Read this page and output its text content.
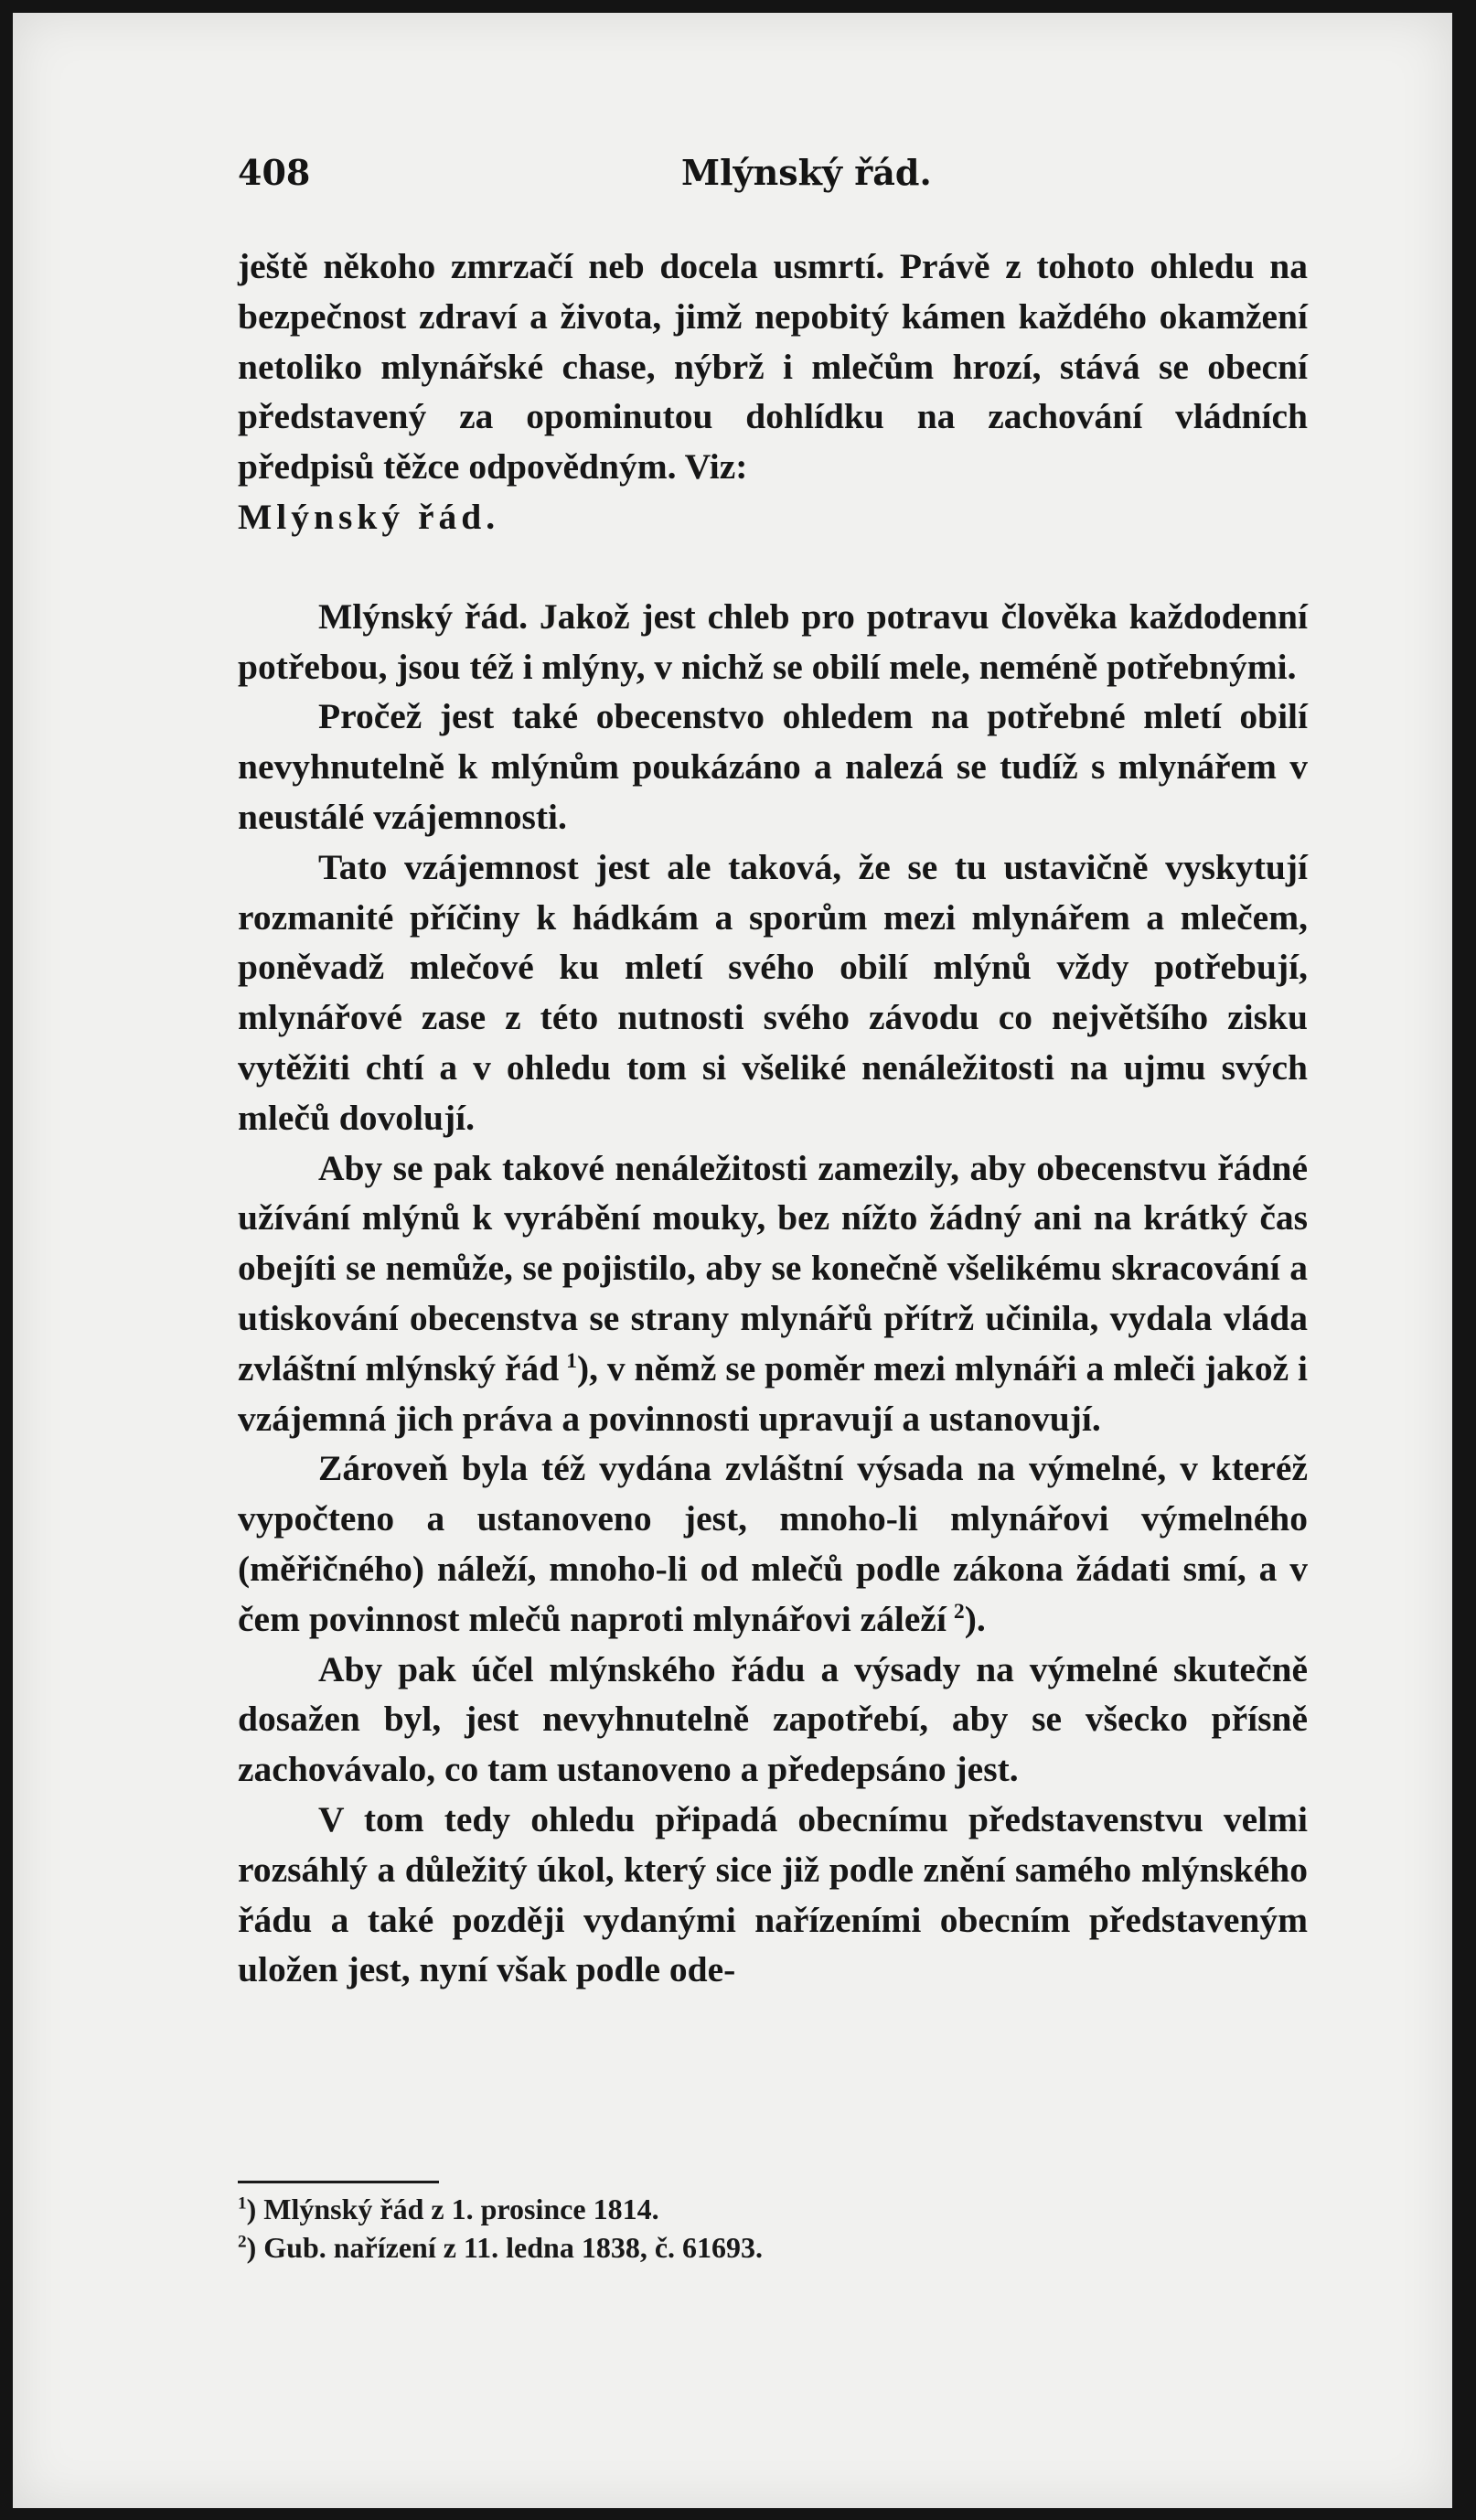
408	Mlýnský řád.

ještě někoho zmrzačí neb docela usmrtí. Právě z tohoto ohledu na bezpečnost zdraví a života, jimž nepobitý kámen každého okamžení netoliko mlynářské chase, nýbrž i mlečům hrozí, stává se obecní představený za opominutou dohlídku na zachování vládních předpisů těžce odpovědným. Viz:
Mlýnský řád.

Mlýnský řád. Jakož jest chleb pro potravu člověka každodenní potřebou, jsou též i mlýny, v nichž se obilí mele, neméně potřebnými.

Pročež jest také obecenstvo ohledem na potřebné mletí obilí nevyhnutelně k mlýnům poukázáno a nalezá se tudíž s mlynářem v neustálé vzájemnosti.

Tato vzájemnost jest ale taková, že se tu ustavičně vyskytují rozmanité příčiny k hádkám a sporům mezi mlynářem a mlečem, poněvadž mlečové ku mletí svého obilí mlýnů vždy potřebují, mlynářové zase z této nutnosti svého závodu co největšího zisku vytěžiti chtí a v ohledu tom si všeliké nenáležitosti na ujmu svých mlečů dovolují.

Aby se pak takové nenáležitosti zamezily, aby obecenstvu řádné užívání mlýnů k vyrábění mouky, bez nížto žádný ani na krátký čas obejíti se nemůže, se pojistilo, aby se konečně všelikému skracování a utiskování obecenstva se strany mlynářů přítrž učinila, vydala vláda zvláštní mlýnský řád  $^1$), v němž se poměr mezi mlynáři a mleči jakož i vzájemná jich práva a povinnosti upravují a ustanovují.

Zároveň byla též vydána zvláštní výsada na výmelné, v kteréž vypočteno a ustanoveno jest, mnoho-li mlynářovi výmelného (měřičného) náleží, mnoho-li od mlečů podle zákona žádati smí, a v čem povinnost mlečů naproti mlynářovi záleží  $^2$).

Aby pak účel mlýnského řádu a výsady na výmelné skutečně dosažen byl, jest nevyhnutelně zapotřebí, aby se všecko přísně zachovávalo, co tam ustanoveno a předepsáno jest.

V tom tedy ohledu připadá obecnímu představenstvu velmi rozsáhlý a důležitý úkol, který sice již podle znění samého mlýnského řádu a také později vydanými nařízeními obecním představeným uložen jest, nyní však podle ode-

$^1$) Mlýnský řád z 1. prosince 1814.

$^2$) Gub. nařízení z 11. ledna 1838, č. 61693.
